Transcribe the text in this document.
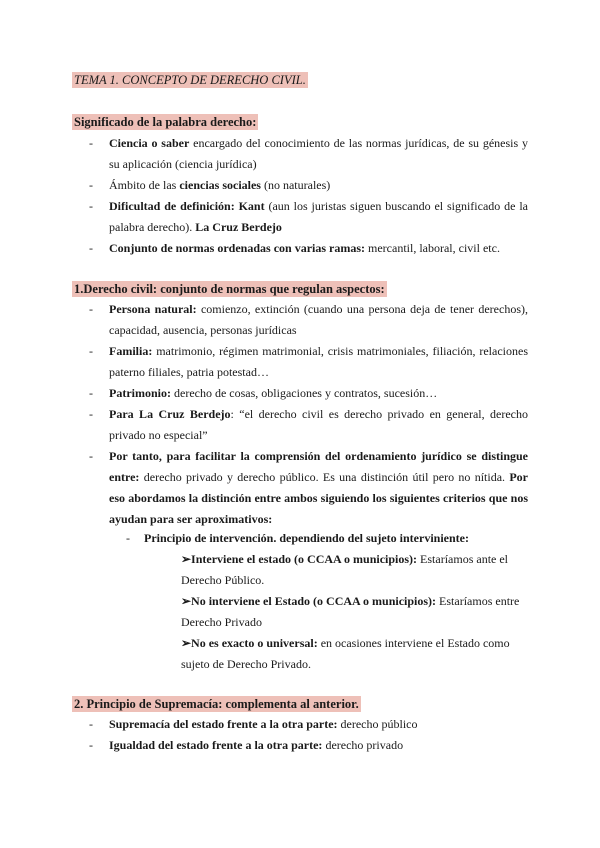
TEMA 1. CONCEPTO DE DERECHO CIVIL.
Significado de la palabra derecho:
- Ciencia o saber encargado del conocimiento de las normas jurídicas, de su génesis y su aplicación (ciencia jurídica)
- Ámbito de las ciencias sociales (no naturales)
- Dificultad de definición: Kant (aun los juristas siguen buscando el significado de la palabra derecho). La Cruz Berdejo
- Conjunto de normas ordenadas con varias ramas: mercantil, laboral, civil etc.
1.Derecho civil: conjunto de normas que regulan aspectos:
- Persona natural: comienzo, extinción (cuando una persona deja de tener derechos), capacidad, ausencia, personas jurídicas
- Familia: matrimonio, régimen matrimonial, crisis matrimoniales, filiación, relaciones paterno filiales, patria potestad…
- Patrimonio: derecho de cosas, obligaciones y contratos, sucesión…
- Para La Cruz Berdejo: “el derecho civil es derecho privado en general, derecho privado no especial”
- Por tanto, para facilitar la comprensión del ordenamiento jurídico se distingue entre: derecho privado y derecho público. Es una distinción útil pero no nítida. Por eso abordamos la distinción entre ambos siguiendo los siguientes criterios que nos ayudan para ser aproximativos:
-	Principio de intervención. dependiendo del sujeto interviniente:
➢Interviene el estado (o CCAA o municipios): Estaríamos ante el Derecho Público.
➢No interviene el Estado (o CCAA o municipios): Estaríamos entre Derecho Privado
➢No es exacto o universal: en ocasiones interviene el Estado como sujeto de Derecho Privado.
2. Principio de Supremacía: complementa al anterior.
- Supremacía del estado frente a la otra parte: derecho público
- Igualdad del estado frente a la otra parte: derecho privado
